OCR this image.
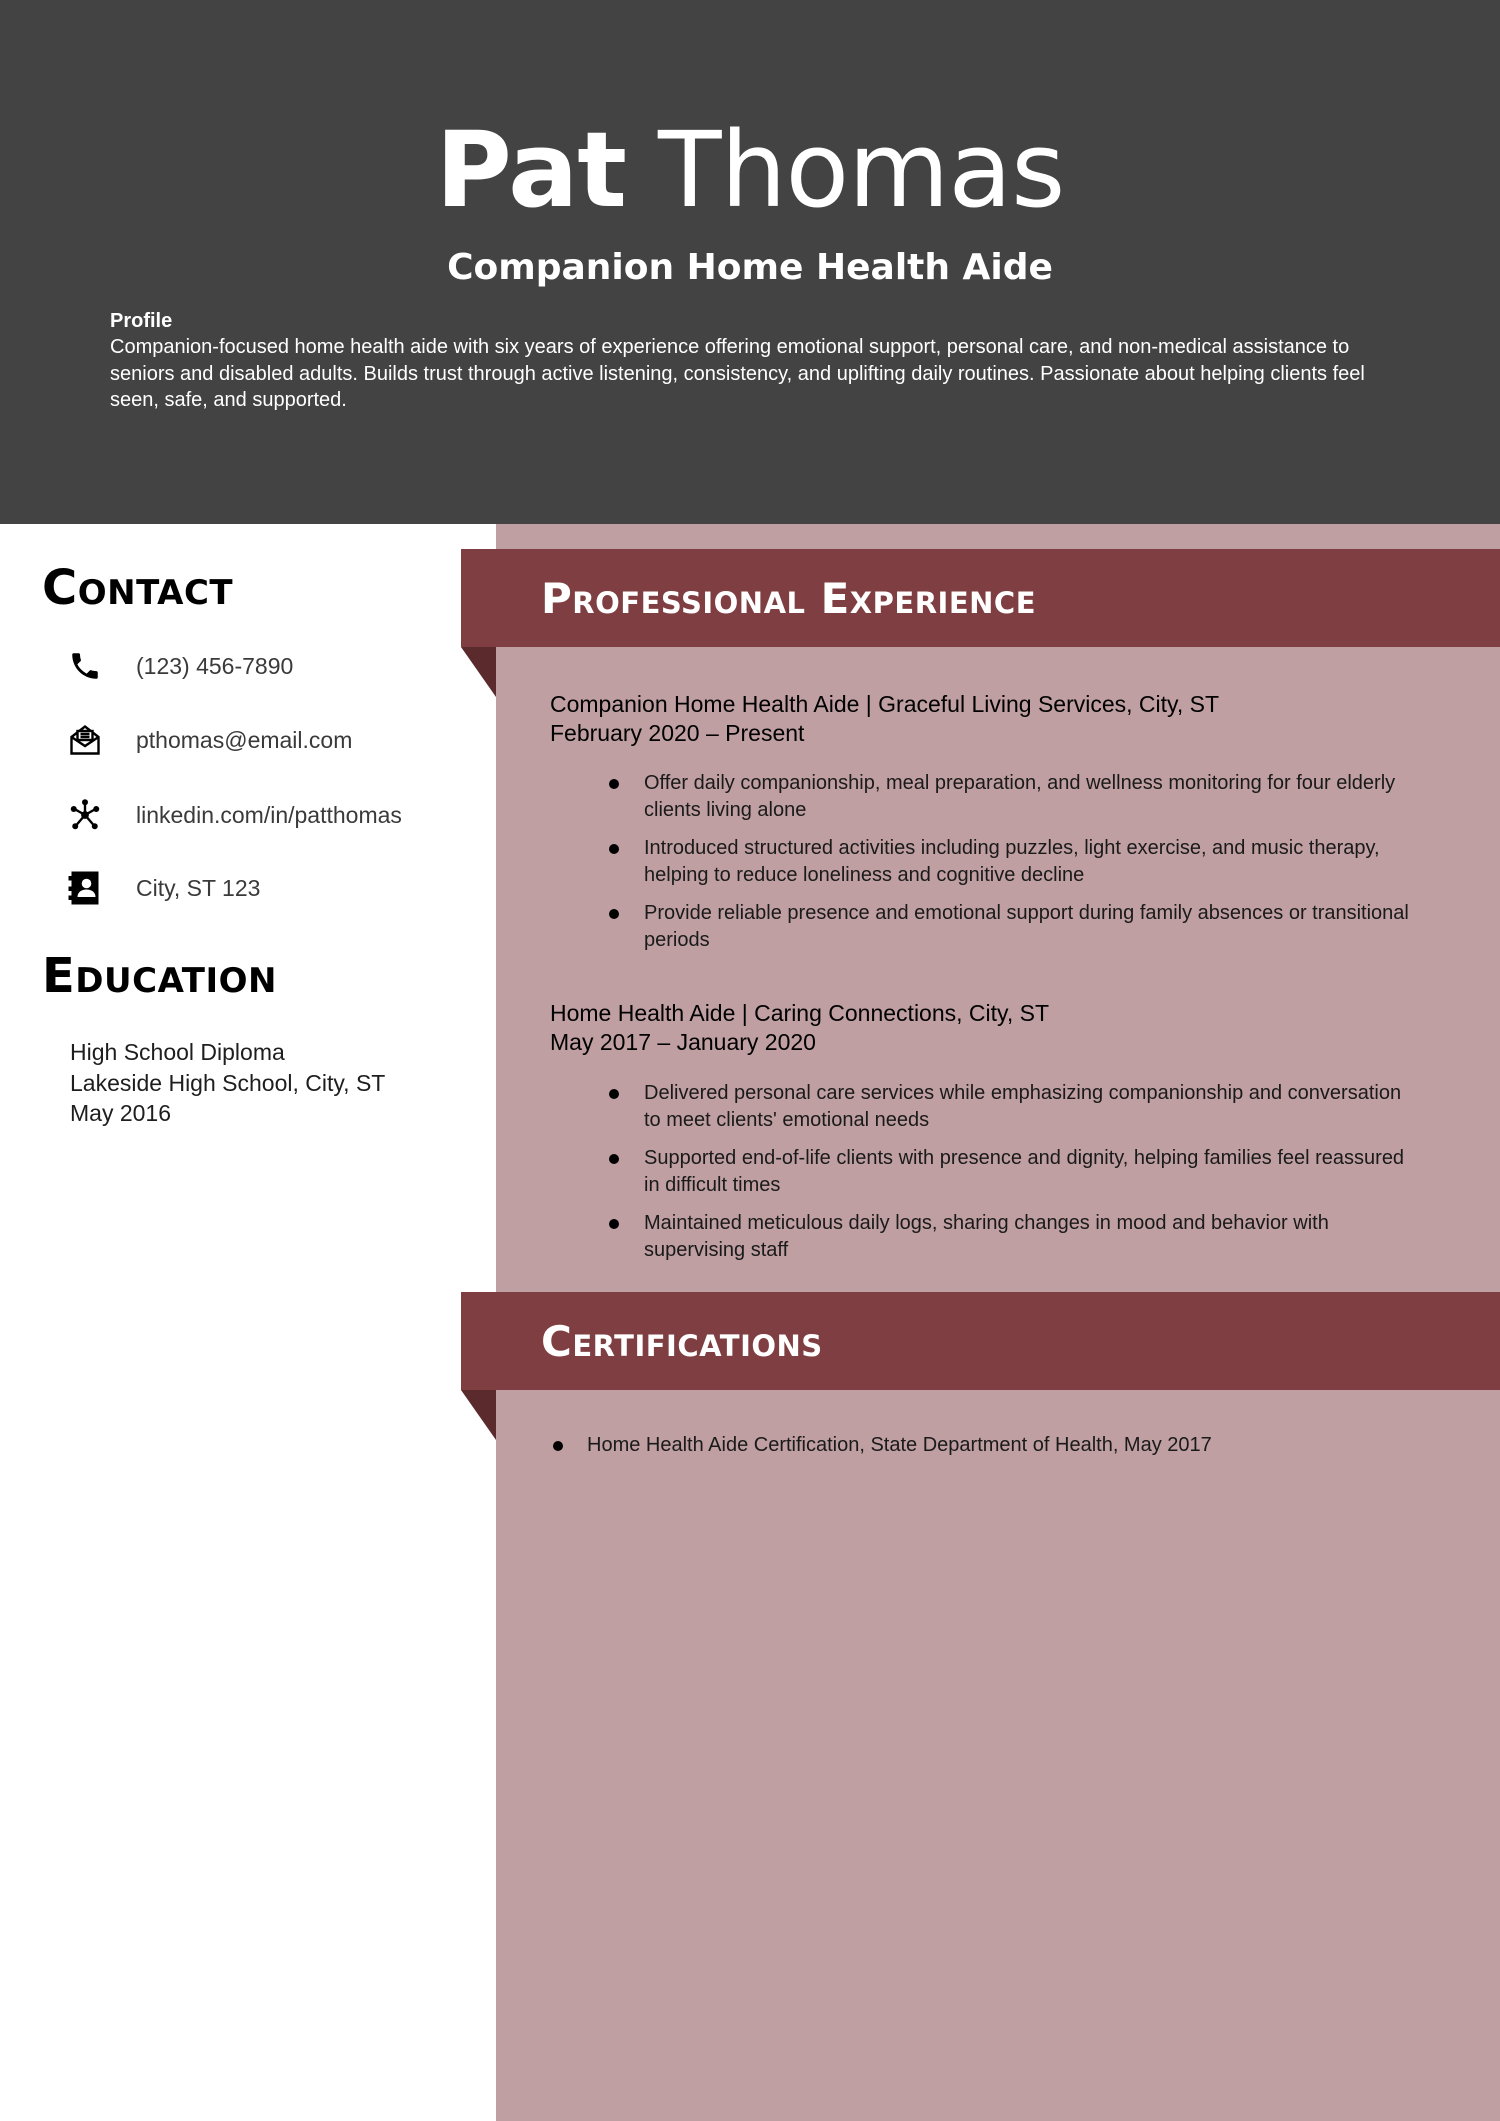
Pat Thomas
Companion Home Health Aide
Profile
Companion-focused home health aide with six years of experience offering emotional support, personal care, and non-medical assistance to seniors and disabled adults. Builds trust through active listening, consistency, and uplifting daily routines. Passionate about helping clients feel seen, safe, and supported.
Contact
(123) 456-7890
pthomas@email.com
linkedin.com/in/patthomas
City, ST 123
Education
High School Diploma
Lakeside High School, City, ST
May 2016
Professional Experience
Companion Home Health Aide | Graceful Living Services, City, ST
February 2020 – Present
Offer daily companionship, meal preparation, and wellness monitoring for four elderly clients living alone
Introduced structured activities including puzzles, light exercise, and music therapy, helping to reduce loneliness and cognitive decline
Provide reliable presence and emotional support during family absences or transitional periods
Home Health Aide | Caring Connections, City, ST
May 2017 – January 2020
Delivered personal care services while emphasizing companionship and conversation to meet clients' emotional needs
Supported end-of-life clients with presence and dignity, helping families feel reassured in difficult times
Maintained meticulous daily logs, sharing changes in mood and behavior with supervising staff
Certifications
Home Health Aide Certification, State Department of Health, May 2017
